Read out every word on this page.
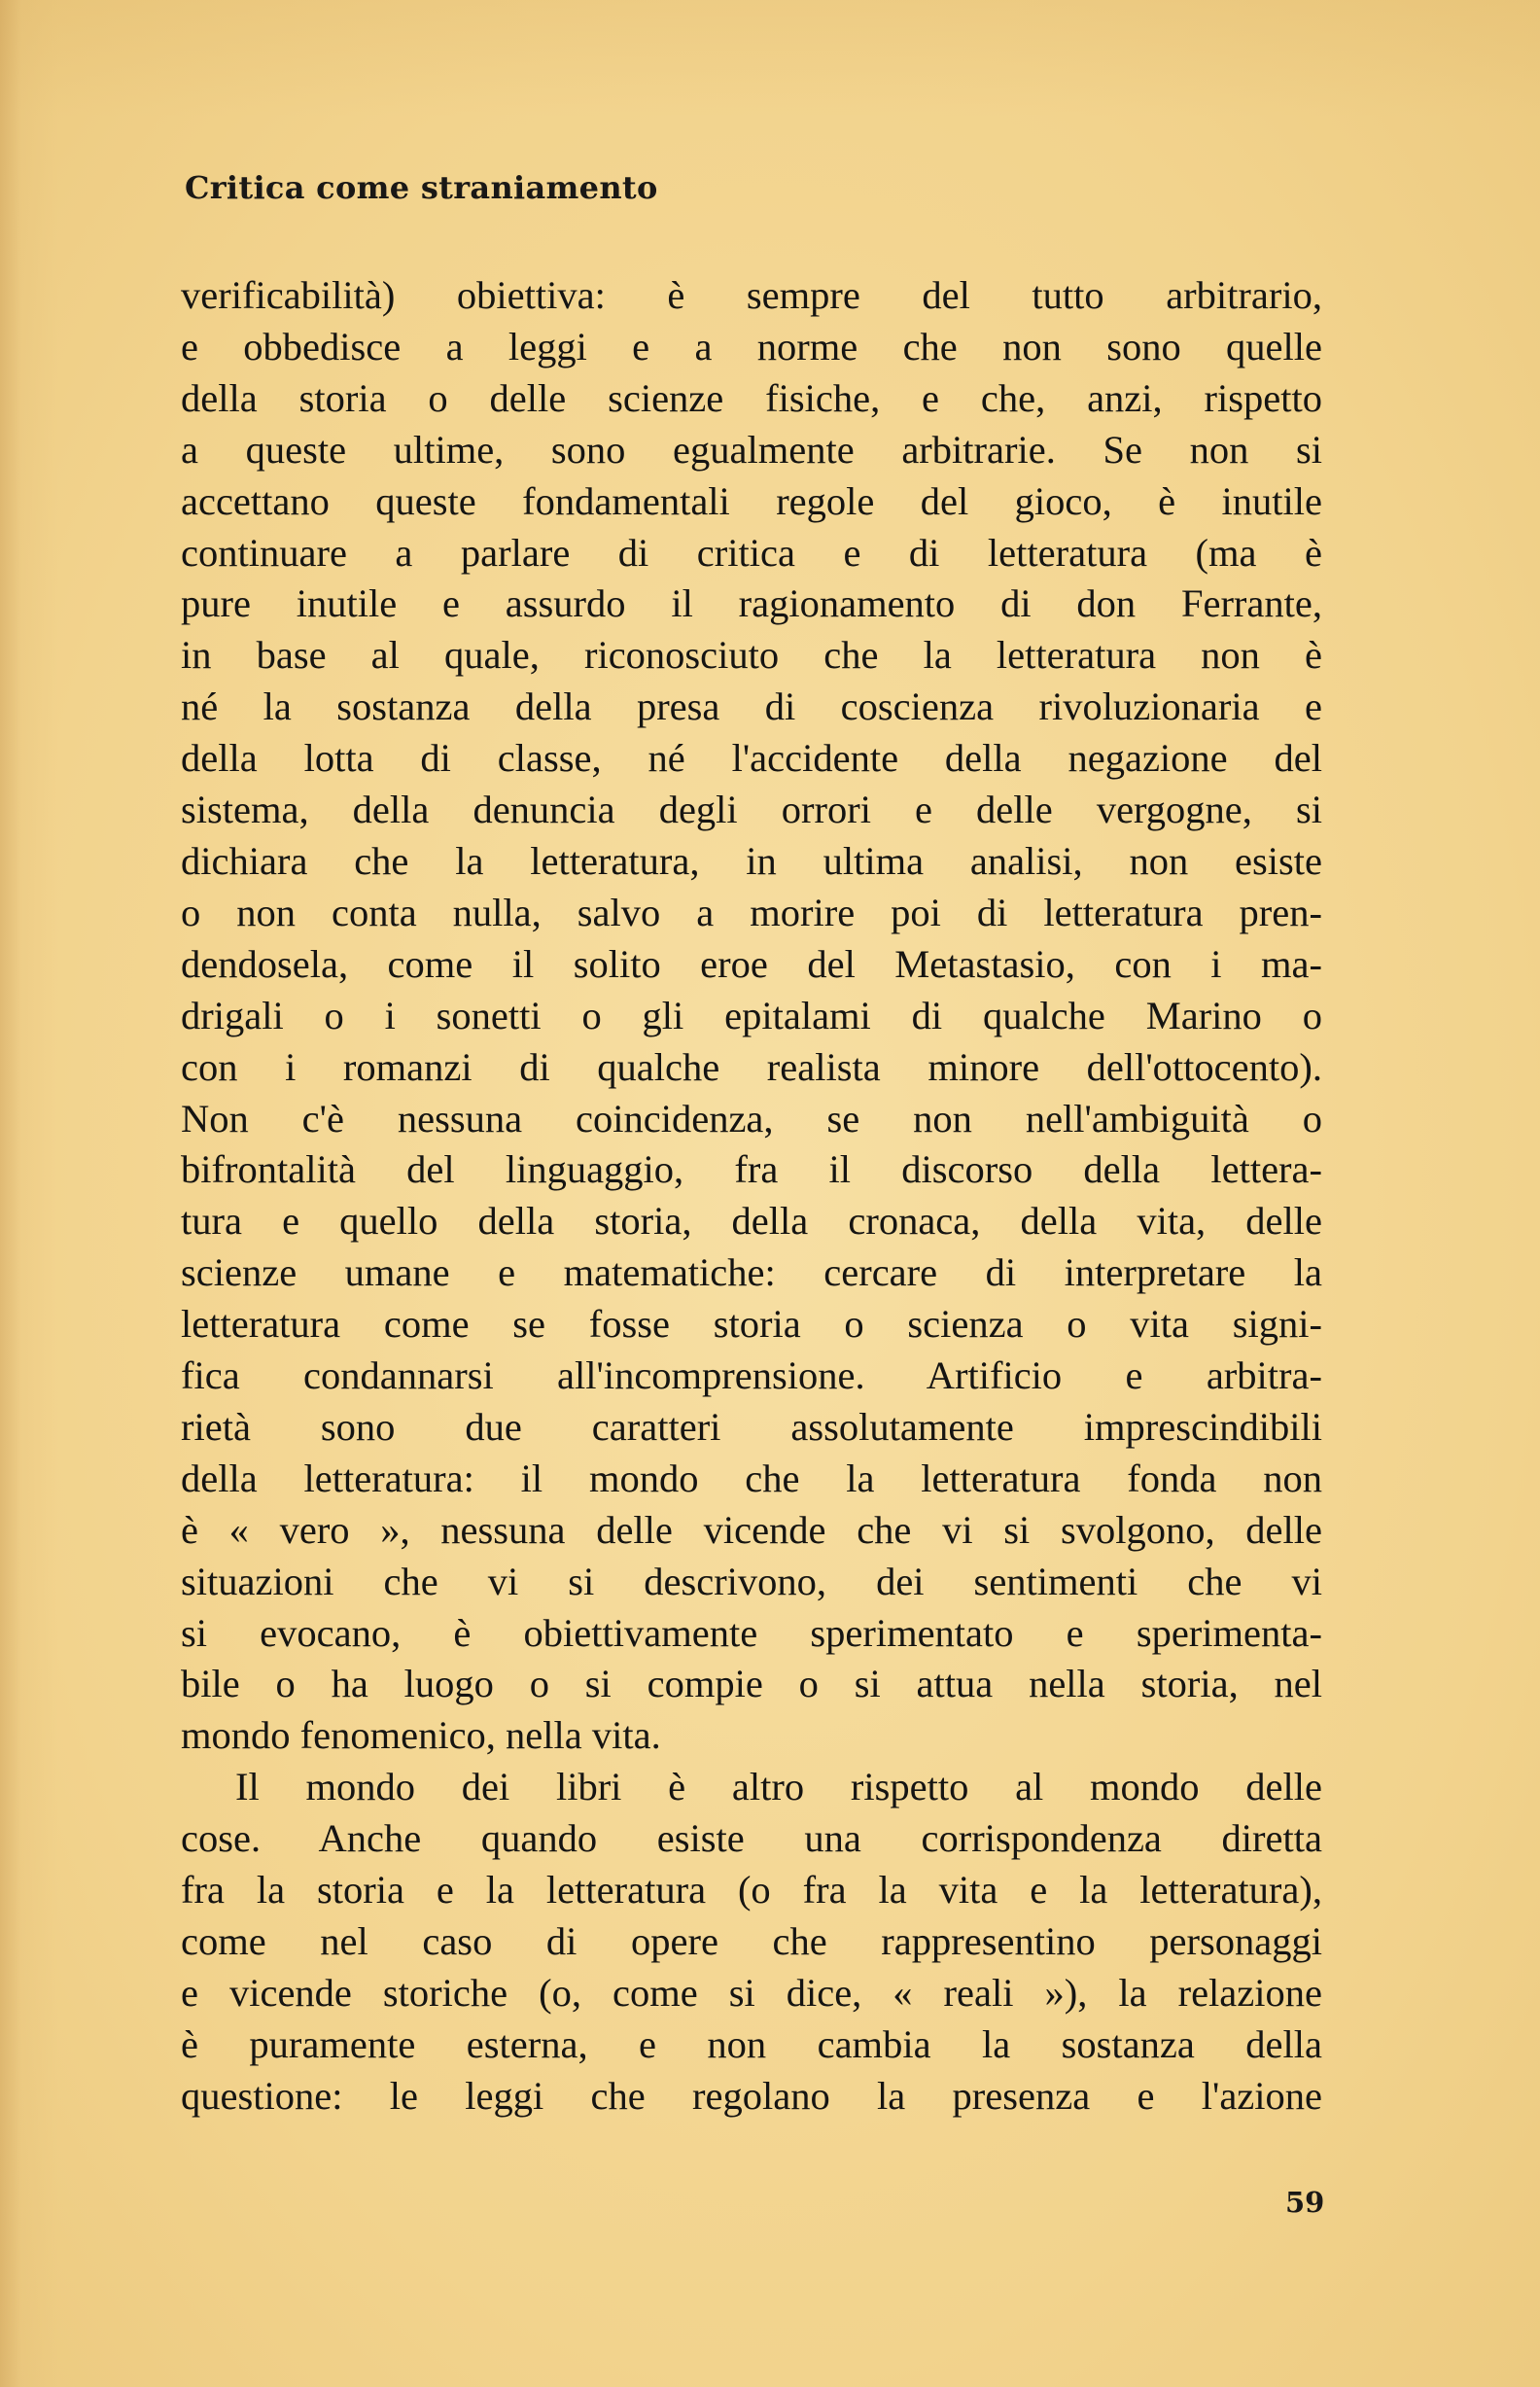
Critica come straniamento

verificabilità) obiettiva: è sempre del tutto arbitrario,
e obbedisce a leggi e a norme che non sono quelle
della storia o delle scienze fisiche, e che, anzi, rispetto
a queste ultime, sono egualmente arbitrarie. Se non si
accettano queste fondamentali regole del gioco, è inutile
continuare a parlare di critica e di letteratura (ma è
pure inutile e assurdo il ragionamento di don Ferrante,
in base al quale, riconosciuto che la letteratura non è
né la sostanza della presa di coscienza rivoluzionaria e
della lotta di classe, né l'accidente della negazione del
sistema, della denuncia degli orrori e delle vergogne, si
dichiara che la letteratura, in ultima analisi, non esiste
o non conta nulla, salvo a morire poi di letteratura pren-
dendosela, come il solito eroe del Metastasio, con i ma-
drigali o i sonetti o gli epitalami di qualche Marino o
con i romanzi di qualche realista minore dell'ottocento).
Non c'è nessuna coincidenza, se non nell'ambiguità o
bifrontalità del linguaggio, fra il discorso della lettera-
tura e quello della storia, della cronaca, della vita, delle
scienze umane e matematiche: cercare di interpretare la
letteratura come se fosse storia o scienza o vita signi-
fica condannarsi all'incomprensione. Artificio e arbitra-
rietà sono due caratteri assolutamente imprescindibili
della letteratura: il mondo che la letteratura fonda non
è « vero », nessuna delle vicende che vi si svolgono, delle
situazioni che vi si descrivono, dei sentimenti che vi
si evocano, è obiettivamente sperimentato e sperimenta-
bile o ha luogo o si compie o si attua nella storia, nel
mondo fenomenico, nella vita.

Il mondo dei libri è altro rispetto al mondo delle
cose. Anche quando esiste una corrispondenza diretta
fra la storia e la letteratura (o fra la vita e la letteratura),
come nel caso di opere che rappresentino personaggi
e vicende storiche (o, come si dice, « reali »), la relazione
è puramente esterna, e non cambia la sostanza della
questione: le leggi che regolano la presenza e l'azione

59
